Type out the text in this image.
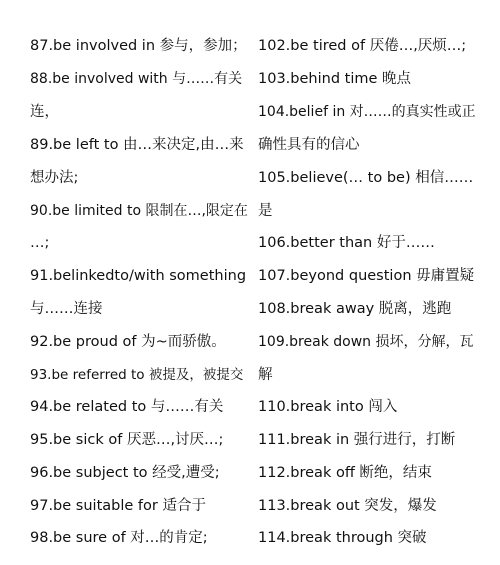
87.be involved in 参与，参加；
88.be involved with 与……有关
连，
89.be left to 由…来决定,由…来
想办法;
90.be limited to 限制在…,限定在
…;
91.belinkedto/with something
与……连接
92.be proud of 为~而骄傲。
93.be referred to 被提及，被提交
94.be related to 与……有关
95.be sick of 厌恶…,讨厌…;
96.be subject to 经受,遭受;
97.be suitable for 适合于
98.be sure of 对…的肯定;
102.be tired of 厌倦…,厌烦…;
103.behind time 晚点
104.belief in 对……的真实性或正
确性具有的信心
105.believe(… to be) 相信……
是
106.better than 好于……
107.beyond question 毋庸置疑
108.break away 脱离，逃跑
109.break down 损坏，分解，瓦
解
110.break into 闯入
111.break in 强行进行，打断
112.break off 断绝，结束
113.break out 突发，爆发
114.break through 突破
